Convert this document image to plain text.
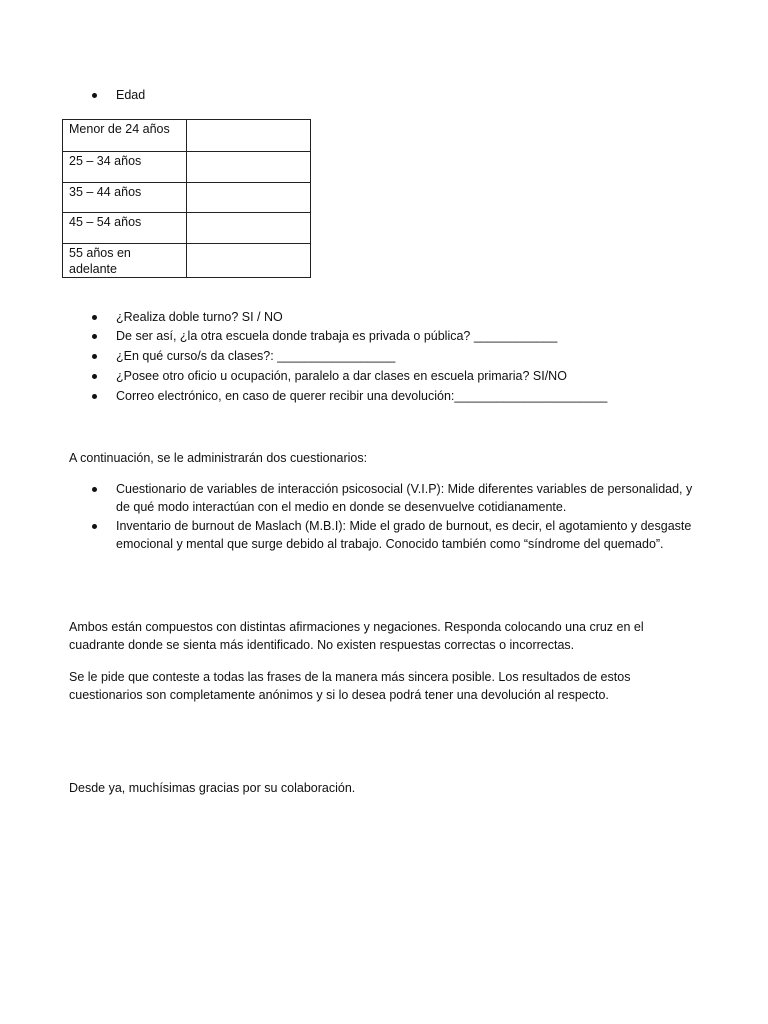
Edad
Menor de 24 años	
25 – 34 años	
35 – 44 años	
45 – 54 años	
55 años en adelante	
¿Realiza doble turno? SI / NO
De ser así, ¿la otra escuela donde trabaja es privada o pública? ____________
¿En qué curso/s da clases?: _________________
¿Posee otro oficio u ocupación, paralelo a dar clases en escuela primaria? SI/NO
Correo electrónico, en caso de querer recibir una devolución:______________________
A continuación, se le administrarán dos cuestionarios:
Cuestionario de variables de interacción psicosocial (V.I.P): Mide diferentes variables de personalidad, y de qué modo interactúan con el medio en donde se desenvuelve cotidianamente.
Inventario de burnout de Maslach (M.B.I): Mide el grado de burnout, es decir, el agotamiento y desgaste emocional y mental que surge debido al trabajo. Conocido también como “síndrome del quemado”.
Ambos están compuestos con distintas afirmaciones y negaciones. Responda colocando una cruz en el cuadrante donde se sienta más identificado. No existen respuestas correctas o incorrectas.
Se le pide que conteste a todas las frases de la manera más sincera posible. Los resultados de estos cuestionarios son completamente anónimos y si lo desea podrá tener una devolución al respecto.
Desde ya, muchísimas gracias por su colaboración.
